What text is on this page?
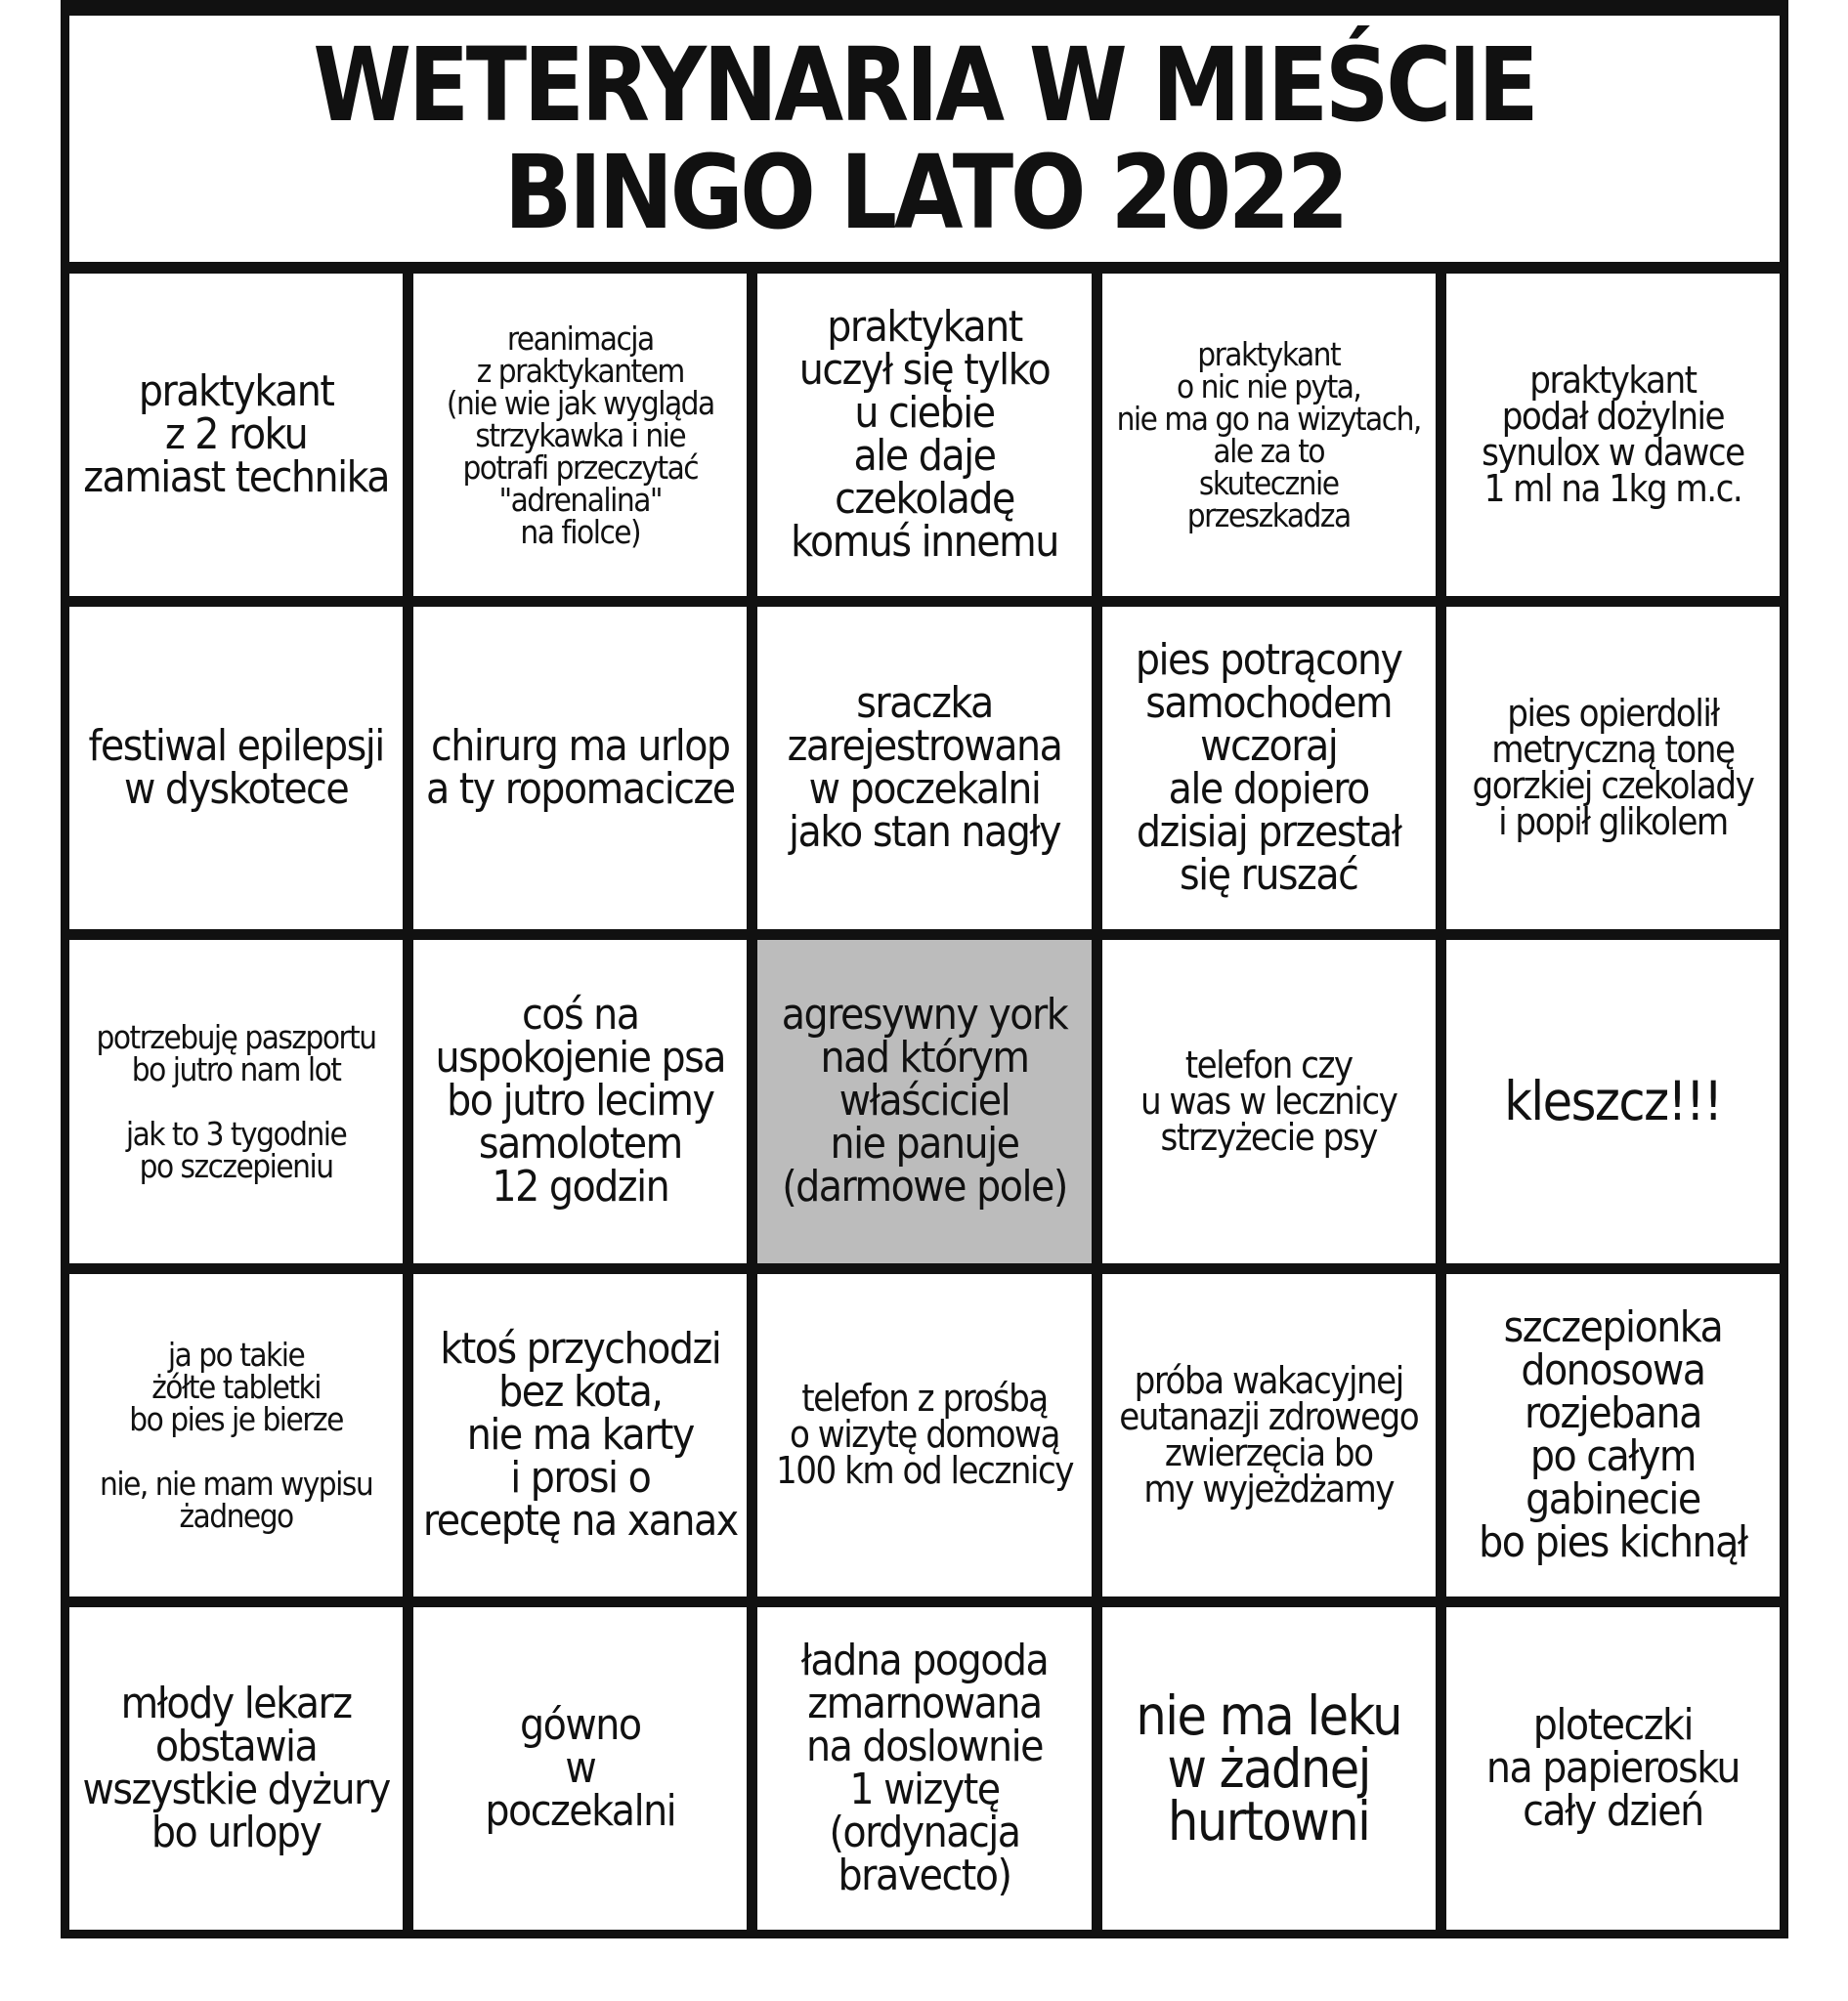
WETERYNARIA W MIEŚCIE
BINGO LATO 2022
praktykant
z 2 roku
zamiast technika
reanimacja
z praktykantem
(nie wie jak wygląda
strzykawka i nie
potrafi przeczytać
"adrenalina"
na fiolce)
praktykant
uczył się tylko
u ciebie
ale daje
czekoladę
komuś innemu
praktykant
o nic nie pyta,
nie ma go na wizytach,
ale za to
skutecznie
przeszkadza
praktykant
podał dożylnie
synulox w dawce
1 ml na 1kg m.c.
festiwal epilepsji
w dyskotece
chirurg ma urlop
a ty ropomacicze
sraczka
zarejestrowana
w poczekalni
jako stan nagły
pies potrącony
samochodem
wczoraj
ale dopiero
dzisiaj przestał
się ruszać
pies opierdolił
metryczną tonę
gorzkiej czekolady
i popił glikolem
potrzebuję paszportu
bo jutro nam lot

jak to 3 tygodnie
po szczepieniu
coś na
uspokojenie psa
bo jutro lecimy
samolotem
12 godzin
agresywny york
nad którym
właściciel
nie panuje
(darmowe pole)
telefon czy
u was w lecznicy
strzyżecie psy
kleszcz!!!
ja po takie
żółte tabletki
bo pies je bierze

nie, nie mam wypisu
żadnego
ktoś przychodzi
bez kota,
nie ma karty
i prosi o
receptę na xanax
telefon z prośbą
o wizytę domową
100 km od lecznicy
próba wakacyjnej
eutanazji zdrowego
zwierzęcia bo
my wyjeżdżamy
szczepionka
donosowa
rozjebana
po całym
gabinecie
bo pies kichnął
młody lekarz
obstawia
wszystkie dyżury
bo urlopy
gówno
w
poczekalni
ładna pogoda
zmarnowana
na doslownie
1 wizytę
(ordynacja
bravecto)
nie ma leku
w żadnej
hurtowni
ploteczki
na papierosku
cały dzień
